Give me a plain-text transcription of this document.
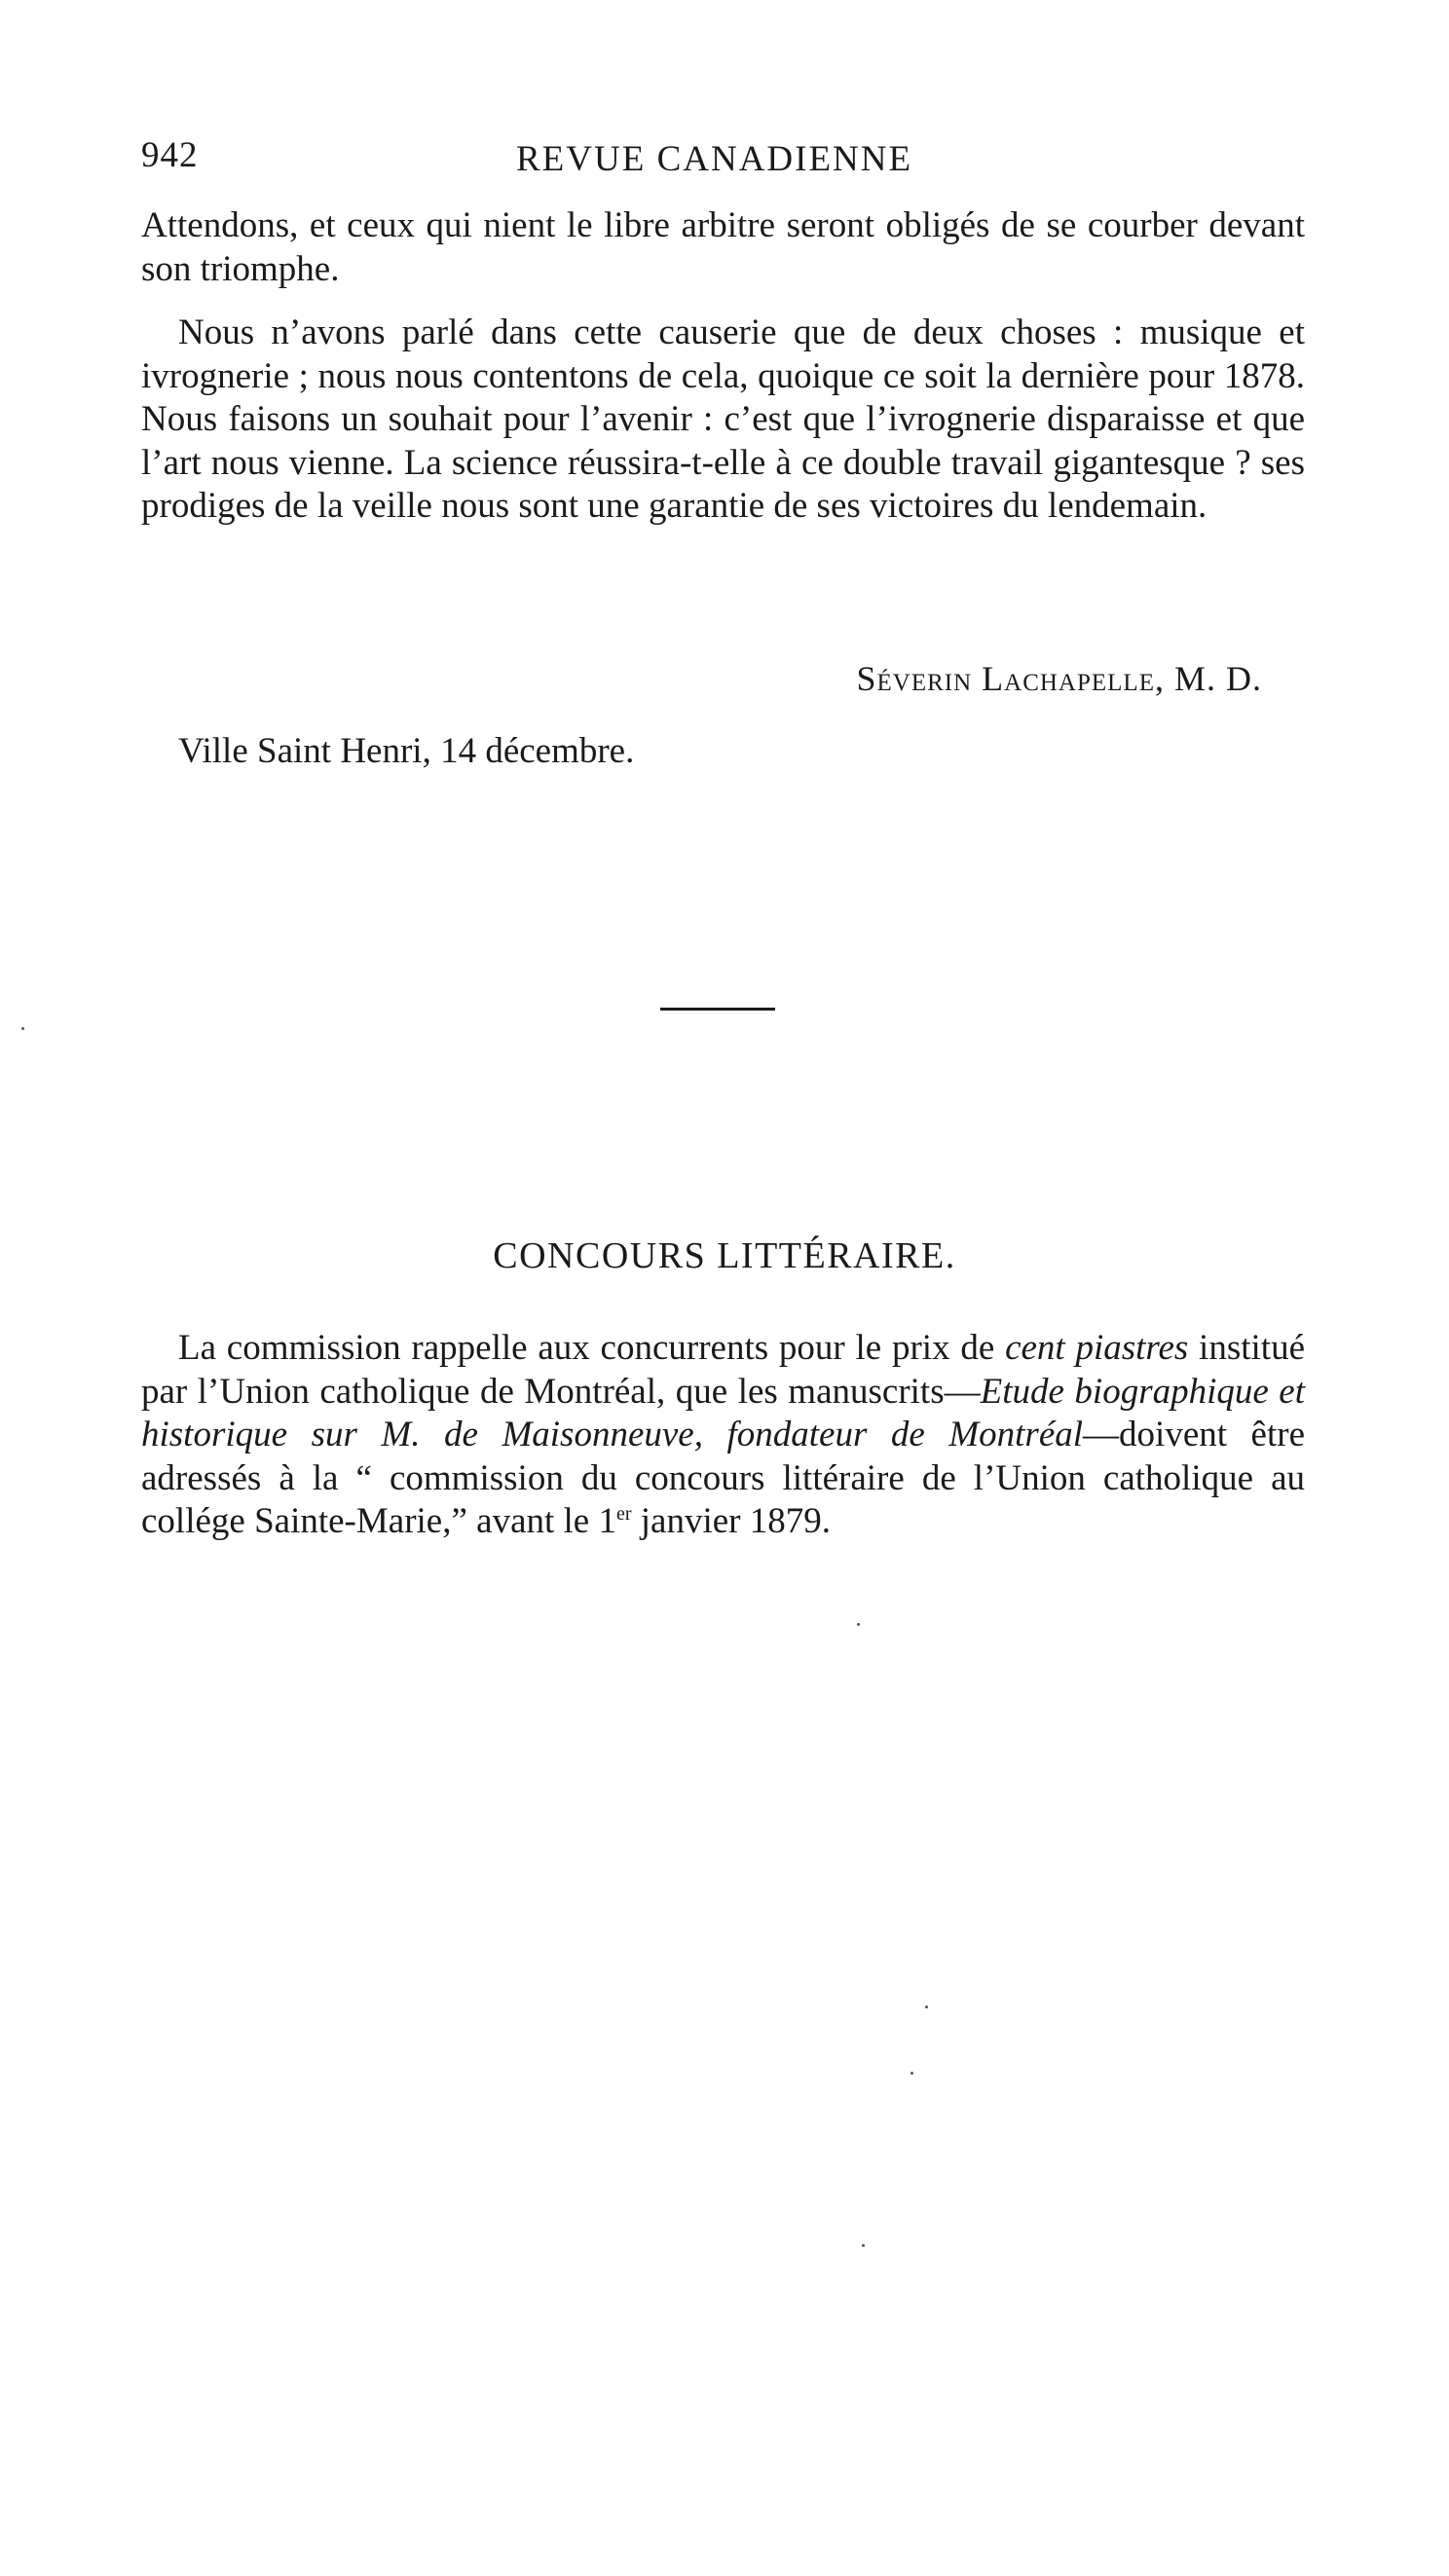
942	REVUE CANADIENNE

Attendons, et ceux qui nient le libre arbitre seront obligés de se courber devant son triomphe.

Nous n’avons parlé dans cette causerie que de deux choses : musique et ivrognerie ; nous nous contentons de cela, quoique ce soit la dernière pour 1878. Nous faisons un souhait pour l’avenir : c’est que l’ivrognerie disparaisse et que l’art nous vienne. La science réussira-t-elle à ce double travail gigantesque ? ses prodiges de la veille nous sont une garantie de ses victoires du lendemain.

Séverin Lachapelle, M. D.
Ville Saint Henri, 14 décembre.
CONCOURS LITTÉRAIRE.

La commission rappelle aux concurrents pour le prix de cent piastres institué par l’Union catholique de Montréal, que les manuscrits—Etude biographique et historique sur M. de Maisonneuve, fondateur de Montréal—doivent être adressés à la “ commission du concours littéraire de l’Union catholique au collége Sainte-Marie,” avant le 1er janvier 1879.
